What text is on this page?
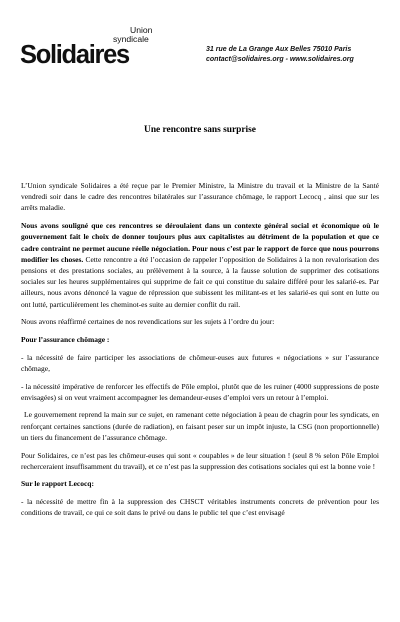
Union
syndicale
Solidaires	31 rue de La Grange Aux Belles 75010 Paris
contact@solidaires.org - www.solidaires.org
Une rencontre sans surprise

L’Union syndicale Solidaires a été reçue par le Premier Ministre, la Ministre du travail et la Ministre de la Santé vendredi soir dans le cadre des rencontres bilatérales sur l’assurance chômage, le rapport Lecocq , ainsi que sur les arrêts maladie.

Nous avons souligné que ces rencontres se déroulaient dans un contexte général social et économique où le gouvernement fait le choix de donner toujours plus aux capitalistes au détriment de la population et que ce cadre contraint ne permet aucune réelle négociation. Pour nous c’est par le rapport de force que nous pourrons modifier les choses. Cette rencontre a été l’occasion de rappeler l’opposition de Solidaires à la non revalorisation des pensions et des prestations sociales, au prélèvement à la source, à la fausse solution de supprimer des cotisations sociales sur les heures supplémentaires qui supprime de fait ce qui constitue du salaire différé pour les salarié-es. Par ailleurs, nous avons dénoncé la vague de répression que subissent les militant-es et les salarié-es qui sont en lutte ou ont lutté, particulièrement les cheminot-es suite au dernier conflit du rail.

Nous avons réaffirmé certaines de nos revendications sur les sujets à l’ordre du jour:

Pour l’assurance chômage :

- la nécessité de faire participer les associations de chômeur-euses aux futures « négociations » sur l’assurance chômage,

- la nécessité impérative de renforcer les effectifs de Pôle emploi, plutôt que de les ruiner (4000 suppressions de poste envisagées) si on veut vraiment accompagner les demandeur-euses d’emploi vers un retour à l’emploi.

Le gouvernement reprend la main sur ce sujet, en ramenant cette négociation à peau de chagrin pour les syndicats, en renforçant certaines sanctions (durée de radiation), en faisant peser sur un impôt injuste, la CSG (non proportionnelle) un tiers du financement de l’assurance chômage.

Pour Solidaires, ce n’est pas les chômeur-euses qui sont « coupables » de leur situation ! (seul 8 % selon Pôle Emploi recherceraient insuffisamment du travail), et ce n’est pas la suppression des cotisations sociales qui est la bonne voie !

Sur le rapport Lecocq:

- la nécessité de mettre fin à la suppression des CHSCT véritables instruments concrets de prévention pour les conditions de travail, ce qui ce soit dans le privé ou dans le public tel que c’est envisagé
